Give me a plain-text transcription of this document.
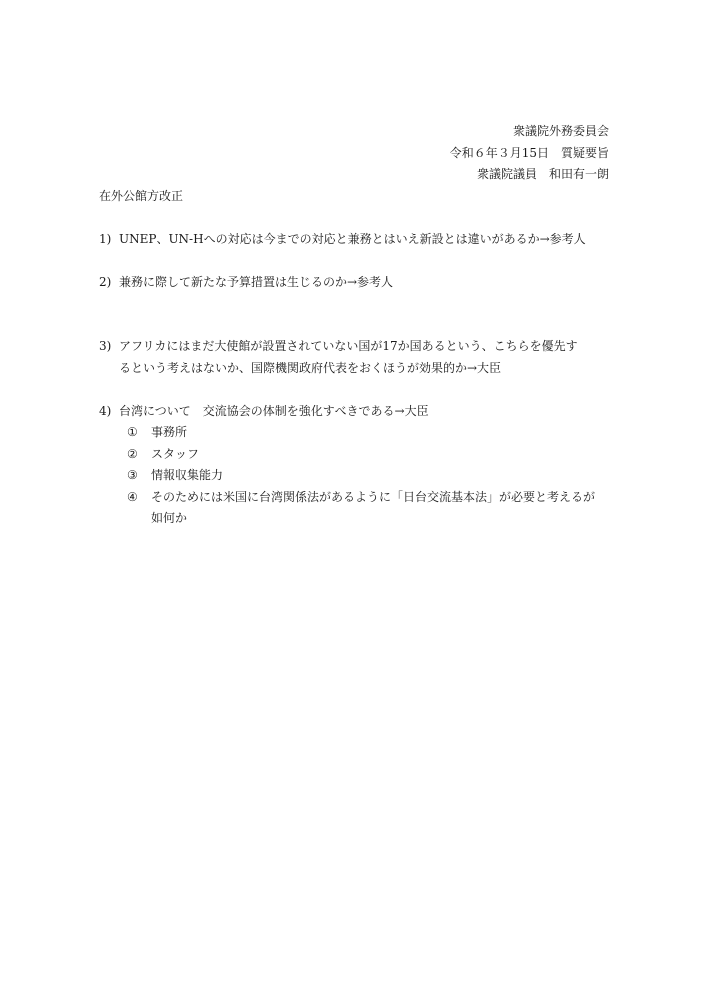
衆議院外務委員会
令和６年３月15日　質疑要旨
衆議院議員　和田有一朗
在外公館方改正
1) UNEP、UN-Hへの対応は今までの対応と兼務とはいえ新設とは違いがあるか→参考人

2) 兼務に際して新たな予算措置は生じるのか→参考人

3) アフリカにはまだ大使館が設置されていない国が17か国あるという、こちらを優先す

るという考えはないか、国際機関政府代表をおくほうが効果的か→大臣

4) 台湾について　交流協会の体制を強化すべきである→大臣

① 事務所
② スタッフ
③ 情報収集能力
④ そのためには米国に台湾関係法があるように「日台交流基本法」が必要と考えるが
如何か
